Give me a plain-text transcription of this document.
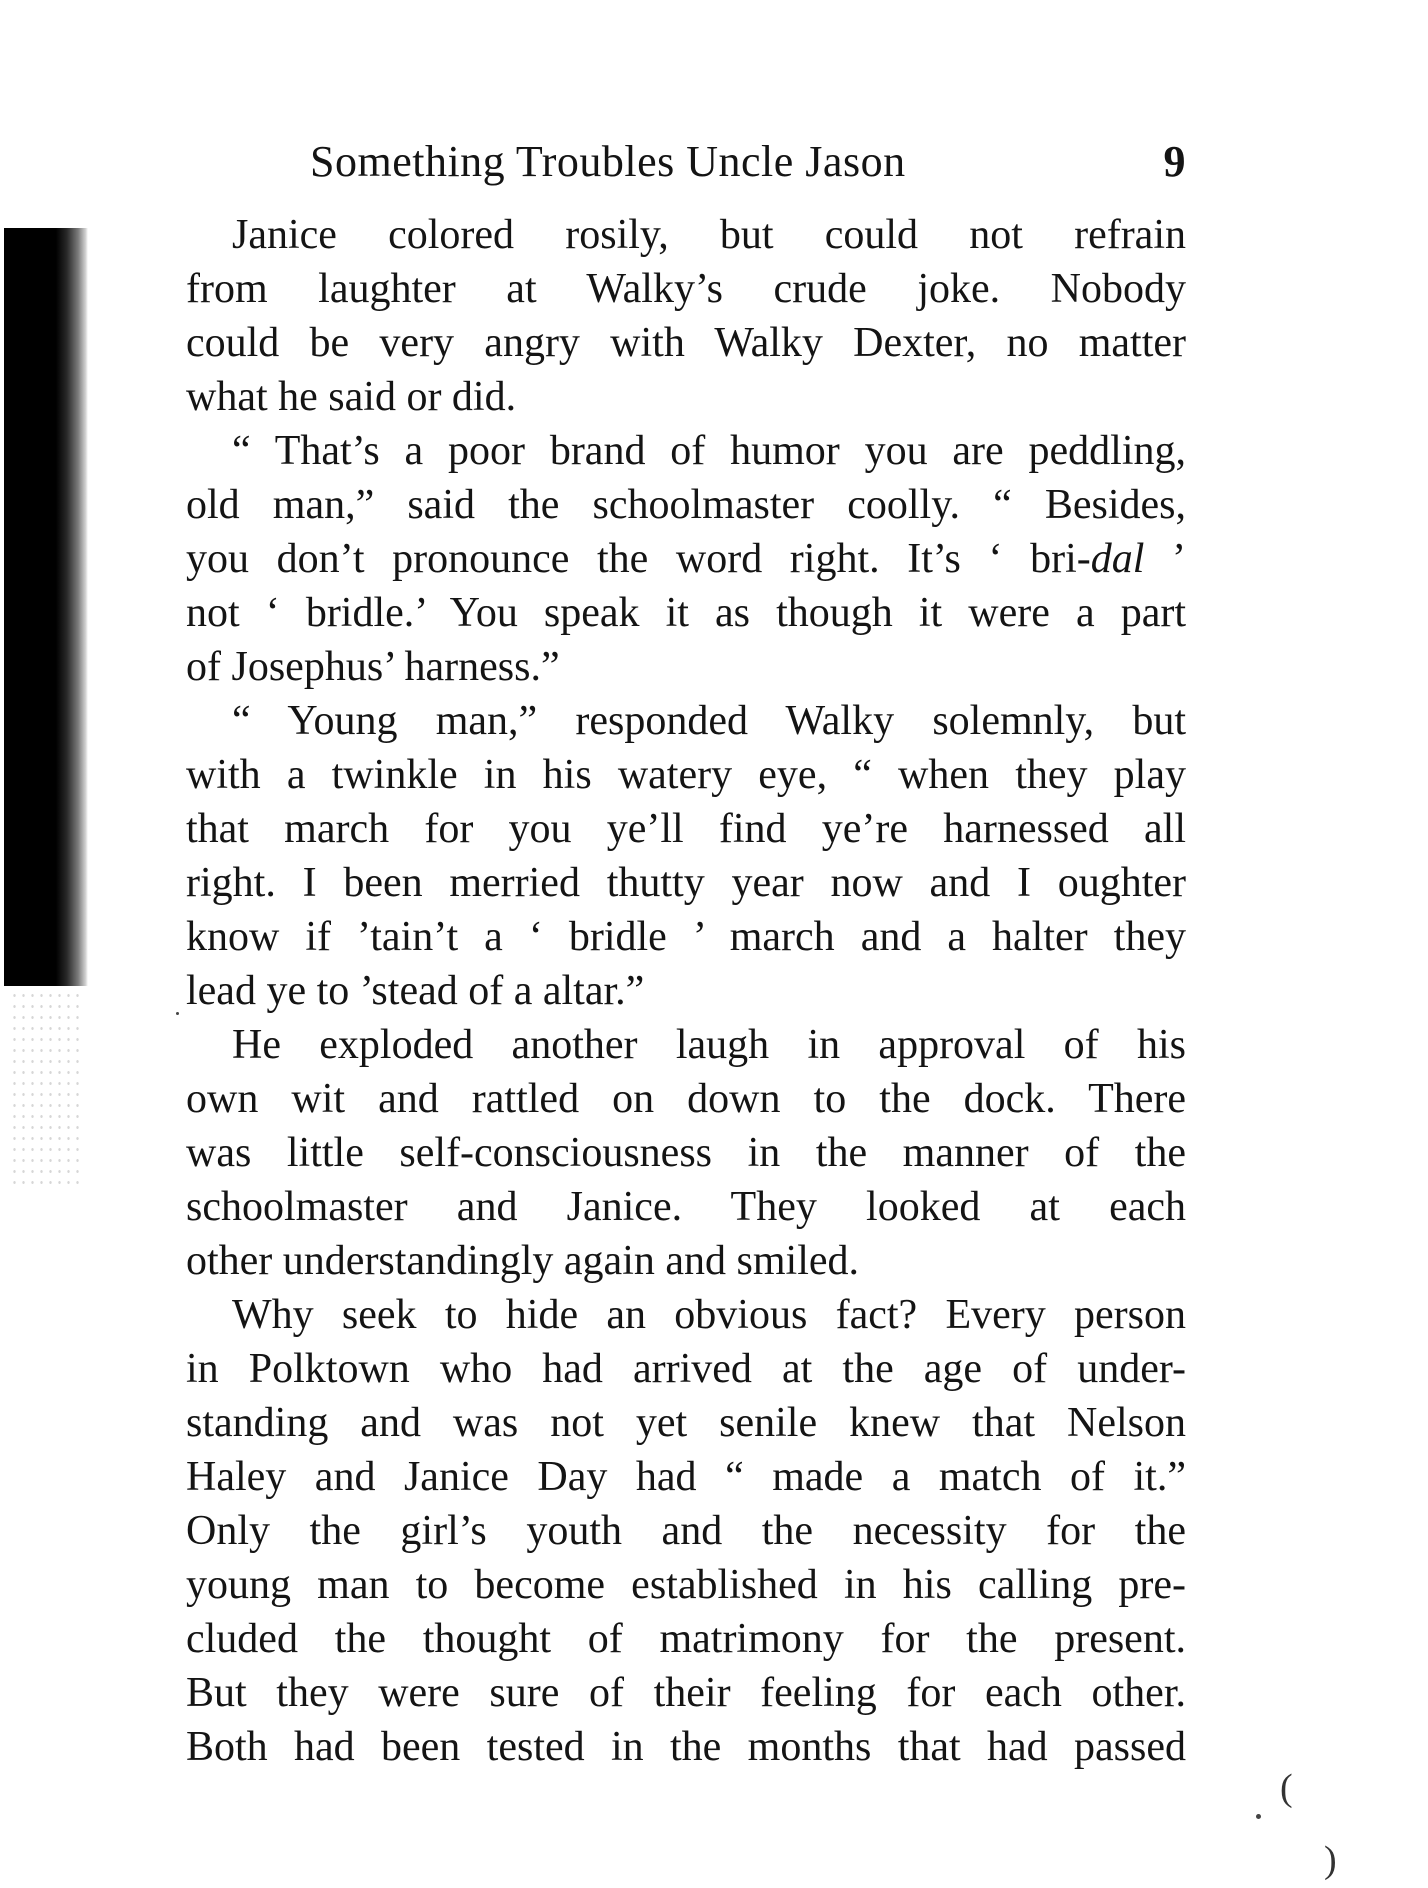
Something Troubles Uncle Jason	9
Janice colored rosily, but could not refrain
from laughter at Walky’s crude joke. Nobody
could be very angry with Walky Dexter, no matter
what he said or did.
“ That’s a poor brand of humor you are peddling,
old man,” said the schoolmaster coolly. “ Besides,
you don’t pronounce the word right. It’s ‘ bri-dal ’
not ‘ bridle.’ You speak it as though it were a part
of Josephus’ harness.”
“ Young man,” responded Walky solemnly, but
with a twinkle in his watery eye, “ when they play
that march for you ye’ll find ye’re harnessed all
right. I been merried thutty year now and I oughter
know if ’tain’t a ‘ bridle ’ march and a halter they
lead ye to ’stead of a altar.”
He exploded another laugh in approval of his
own wit and rattled on down to the dock. There
was little self-consciousness in the manner of the
schoolmaster and Janice. They looked at each
other understandingly again and smiled.
Why seek to hide an obvious fact? Every person
in Polktown who had arrived at the age of under-
standing and was not yet senile knew that Nelson
Haley and Janice Day had “ made a match of it.”
Only the girl’s youth and the necessity for the
young man to become established in his calling pre-
cluded the thought of matrimony for the present.
But they were sure of their feeling for each other.
Both had been tested in the months that had passed
(
)
